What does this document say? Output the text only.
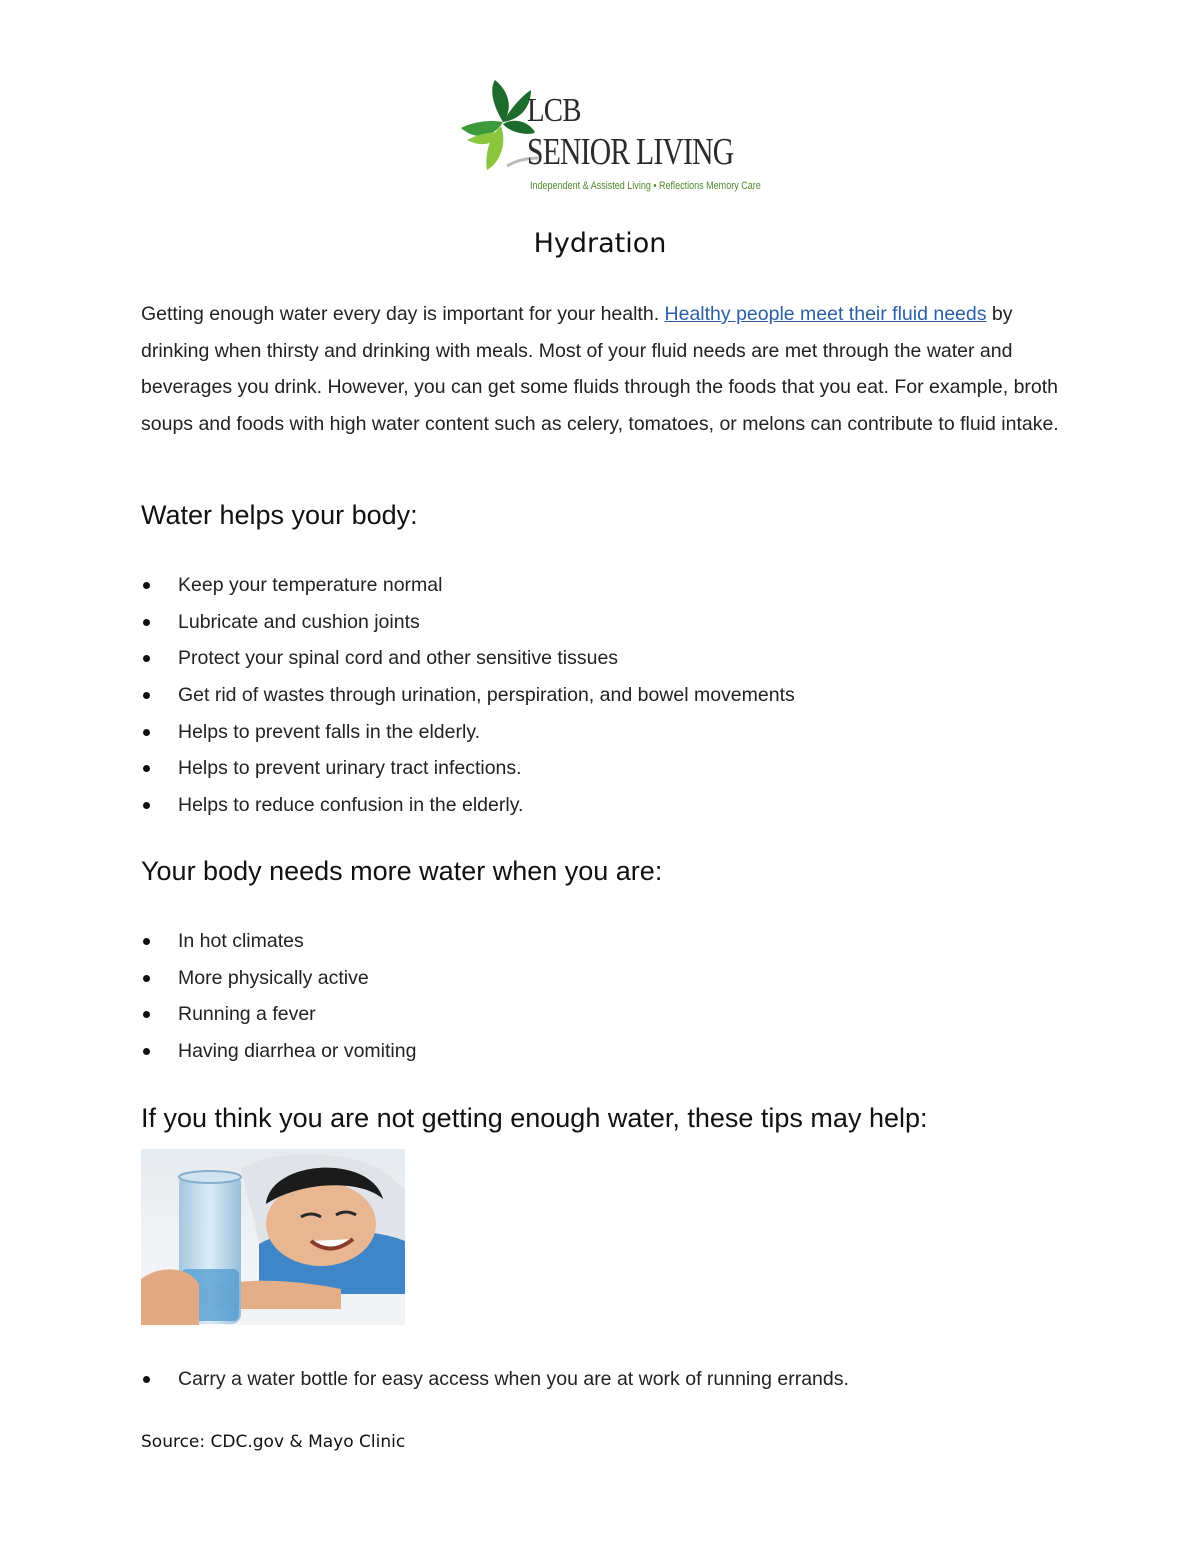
LCB
SENIOR LIVING
Independent & Assisted Living • Reflections Memory Care
Hydration

Getting enough water every day is important for your health. Healthy people meet their fluid needs by drinking when thirsty and drinking with meals. Most of your fluid needs are met through the water and beverages you drink. However, you can get some fluids through the foods that you eat. For example, broth soups and foods with high water content such as celery, tomatoes, or melons can contribute to fluid intake.

Water helps your body:
Keep your temperature normal
Lubricate and cushion joints
Protect your spinal cord and other sensitive tissues
Get rid of wastes through urination, perspiration, and bowel movements
Helps to prevent falls in the elderly.
Helps to prevent urinary tract infections.
Helps to reduce confusion in the elderly.
Your body needs more water when you are:
In hot climates
More physically active
Running a fever
Having diarrhea or vomiting
If you think you are not getting enough water, these tips may help:
Carry a water bottle for easy access when you are at work of running errands.

Source: CDC.gov & Mayo Clinic
